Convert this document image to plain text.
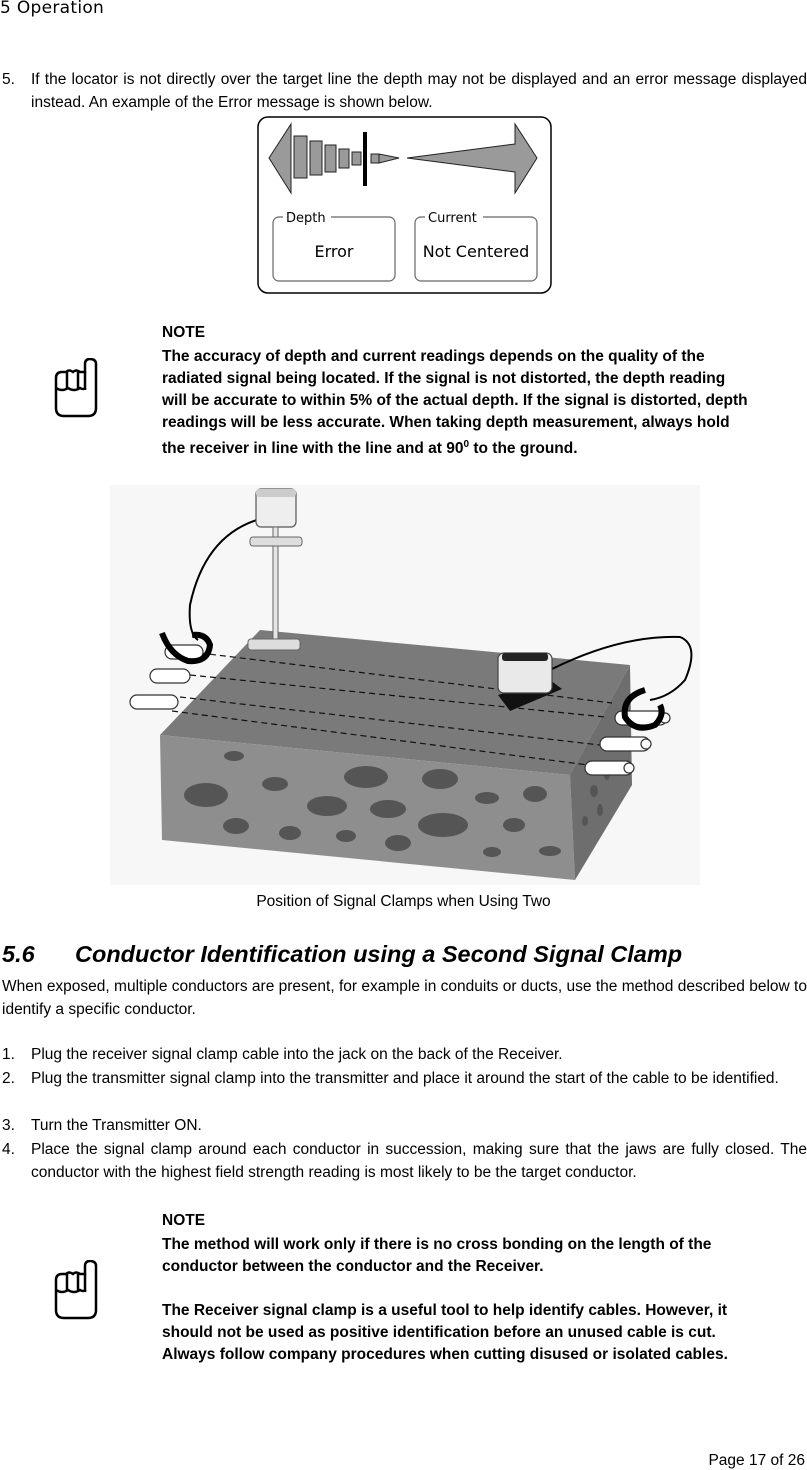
5 Operation
5. If the locator is not directly over the target line the depth may not be displayed and an error message displayed instead. An example of the Error message is shown below.
Depth
Error
Current
Not Centered
NOTE
The accuracy of depth and current readings depends on the quality of the
radiated signal being located. If the signal is not distorted, the depth reading
will be accurate to within 5% of the actual depth. If the signal is distorted, depth
readings will be less accurate. When taking depth measurement, always hold
the receiver in line with the line and at $90^0$ to the ground.
Position of Signal Clamps when Using Two
5.6 Conductor Identification using a Second Signal Clamp
When exposed, multiple conductors are present, for example in conduits or ducts, use the method described below to identify a specific conductor.
1. Plug the receiver signal clamp cable into the jack on the back of the Receiver.
2. Plug the transmitter signal clamp into the transmitter and place it around the start of the cable to be identified.
3. Turn the Transmitter ON.
4. Place the signal clamp around each conductor in succession, making sure that the jaws are fully closed. The conductor with the highest field strength reading is most likely to be the target conductor.
NOTE
The method will work only if there is no cross bonding on the length of the
conductor between the conductor and the Receiver.
The Receiver signal clamp is a useful tool to help identify cables. However, it
should not be used as positive identification before an unused cable is cut.
Always follow company procedures when cutting disused or isolated cables.
Page 17 of 26
